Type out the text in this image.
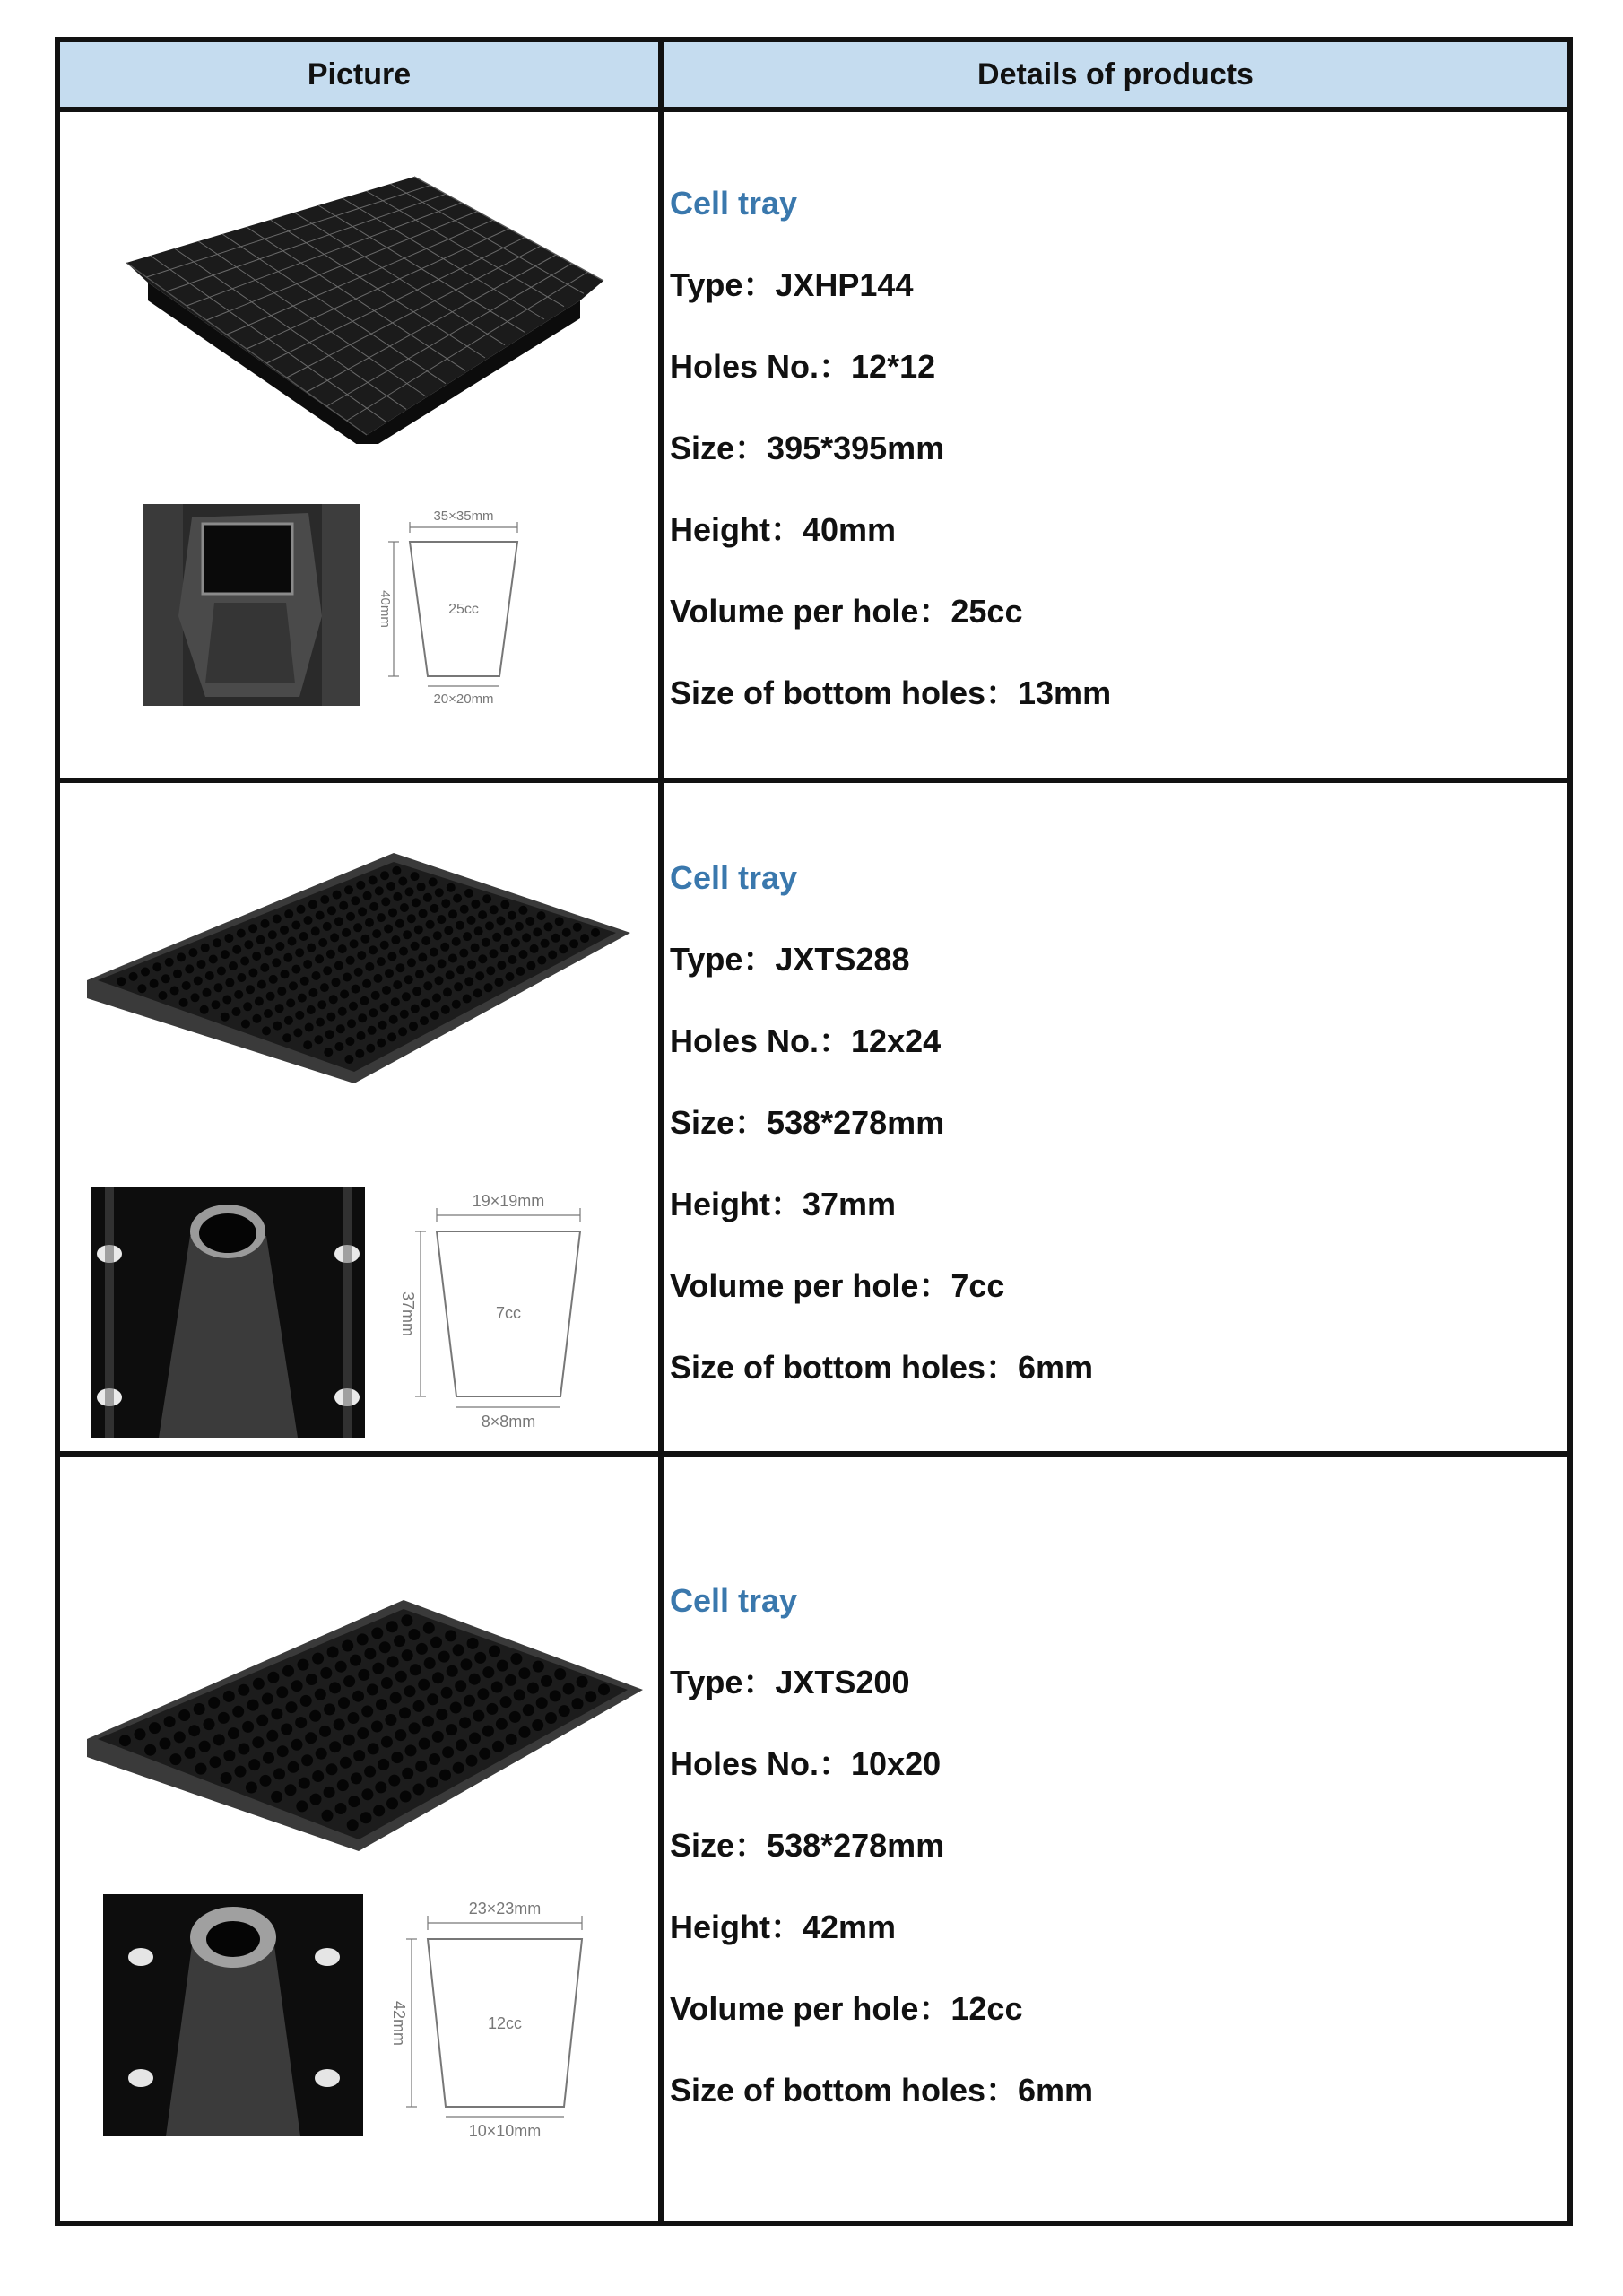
Picture	Details of products
35×35mm
25cc
20×20mm
40mm
Cell tray
Type：JXHP144
Holes No.：12*12
Size：395*395mm
Height：40mm
Volume per hole：25cc
Size of bottom holes：13mm
19×19mm
7cc
8×8mm
37mm
Cell tray
Type：JXTS288
Holes No.：12x24
Size：538*278mm
Height：37mm
Volume per hole：7cc
Size of bottom holes：6mm
23×23mm
12cc
10×10mm
42mm
Cell tray
Type：JXTS200
Holes No.：10x20
Size：538*278mm
Height：42mm
Volume per hole：12cc
Size of bottom holes：6mm
